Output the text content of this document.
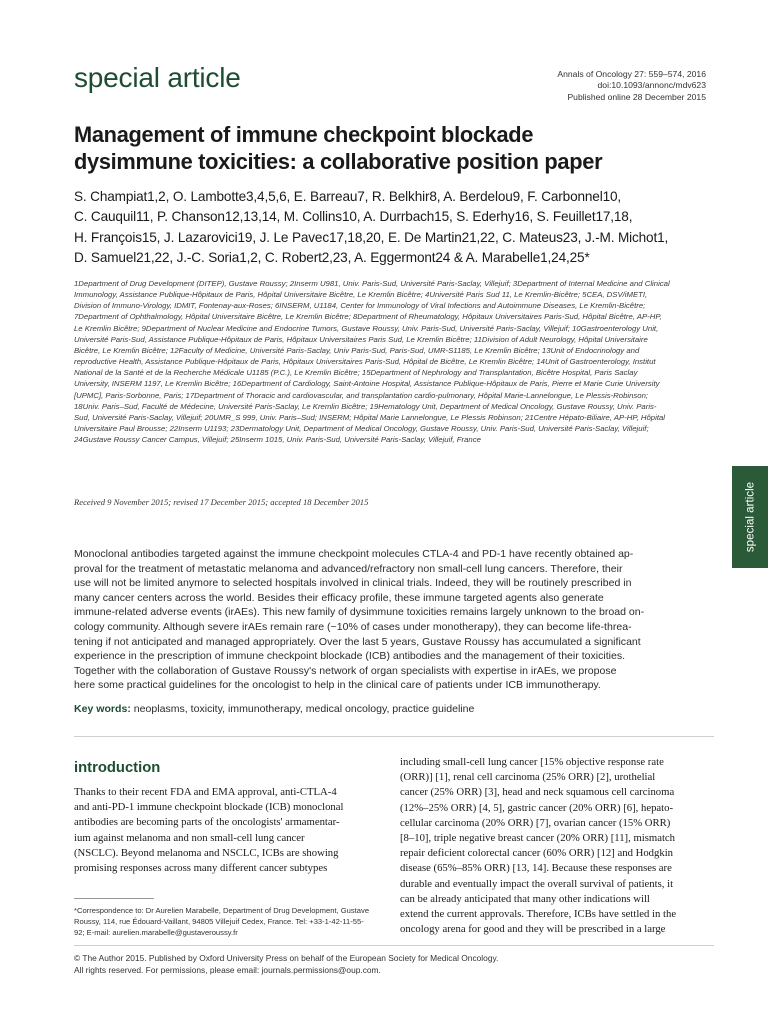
special article	Annals of Oncology 27: 559–574, 2016
doi:10.1093/annonc/mdv623
Published online 28 December 2015
Management of immune checkpoint blockade
dysimmune toxicities: a collaborative position paper
S. Champiat1,2, O. Lambotte3,4,5,6, E. Barreau7, R. Belkhir8, A. Berdelou9, F. Carbonnel10,
C. Cauquil11, P. Chanson12,13,14, M. Collins10, A. Durrbach15, S. Ederhy16, S. Feuillet17,18,
H. François15, J. Lazarovici19, J. Le Pavec17,18,20, E. De Martin21,22, C. Mateus23, J.-M. Michot1,
D. Samuel21,22, J.-C. Soria1,2, C. Robert2,23, A. Eggermont24 & A. Marabelle1,24,25*
1Department of Drug Development (DITEP), Gustave Roussy; 2Inserm U981, Univ. Paris-Sud, Université Paris-Saclay, Villejuif; 3Department of Internal Medicine and Clinical
Immunology, Assistance Publique-Hôpitaux de Paris, Hôpital Universitaire Bicêtre, Le Kremlin Bicêtre; 4Université Paris Sud 11, Le Kremlin-Bicêtre; 5CEA, DSV/iMETI,
Division of Immuno-Virology, IDMIT, Fontenay-aux-Roses; 6INSERM, U1184, Center for Immunology of Viral Infections and Autoimmune Diseases, Le Kremlin-Bicêtre;
7Department of Ophthalmology, Hôpital Universitaire Bicêtre, Le Kremlin Bicêtre; 8Department of Rheumatology, Hôpitaux Universitaires Paris-Sud, Hôpital Bicêtre, AP-HP,
Le Kremlin Bicêtre; 9Department of Nuclear Medicine and Endocrine Tumors, Gustave Roussy, Univ. Paris-Sud, Université Paris-Saclay, Villejuif; 10Gastroenterology Unit,
Université Paris-Sud, Assistance Publique-Hôpitaux de Paris, Hôpitaux Universitaires Paris Sud, Le Kremlin Bicêtre; 11Division of Adult Neurology, Hôpital Universitaire
Bicêtre, Le Kremlin Bicêtre; 12Faculty of Medicine, Université Paris-Saclay, Univ Paris-Sud, Paris-Sud, UMR-S1185, Le Kremlin Bicêtre; 13Unit of Endocrinology and
reproductive Health, Assistance Publique-Hôpitaux de Paris, Hôpitaux Universitaires Paris-Sud, Hôpital de Bicêtre, Le Kremlin Bicêtre; 14Unit of Gastroenterology, Institut
National de la Santé et de la Recherche Médicale U1185 (P.C.), Le Kremlin Bicêtre; 15Department of Nephrology and Transplantation, Bicêtre Hospital, Paris Saclay
University, INSERM 1197, Le Kremlin Bicêtre; 16Department of Cardiology, Saint-Antoine Hospital, Assistance Publique-Hôpitaux de Paris, Pierre et Marie Curie University
[UPMC], Paris-Sorbonne, Paris; 17Department of Thoracic and cardiovascular, and transplantation cardio-pulmonary, Hôpital Marie-Lannelongue, Le Plessis-Robinson;
18Univ. Paris–Sud, Faculté de Médecine, Université Paris-Saclay, Le Kremlin Bicêtre; 19Hematology Unit, Department of Medical Oncology, Gustave Roussy, Univ. Paris-
Sud, Université Paris-Saclay, Villejuif; 20UMR_S 999, Univ. Paris–Sud; INSERM; Hôpital Marie Lannelongue, Le Plessis Robinson; 21Centre Hépato-Biliaire, AP-HP, Hôpital
Universitaire Paul Brousse; 22Inserm U1193; 23Dermatology Unit, Department of Medical Oncology, Gustave Roussy, Univ. Paris-Sud, Université Paris-Saclay, Villejuif;
24Gustave Roussy Cancer Campus, Villejuif; 25Inserm 1015, Univ. Paris-Sud, Université Paris-Saclay, Villejuif, France
Received 9 November 2015; revised 17 December 2015; accepted 18 December 2015	special article
Monoclonal antibodies targeted against the immune checkpoint molecules CTLA-4 and PD-1 have recently obtained ap-
proval for the treatment of metastatic melanoma and advanced/refractory non small-cell lung cancers. Therefore, their
use will not be limited anymore to selected hospitals involved in clinical trials. Indeed, they will be routinely prescribed in
many cancer centers across the world. Besides their efficacy profile, these immune targeted agents also generate
immune-related adverse events (irAEs). This new family of dysimmune toxicities remains largely unknown to the broad on-
cology community. Although severe irAEs remain rare (~10% of cases under monotherapy), they can become life-threa-
tening if not anticipated and managed appropriately. Over the last 5 years, Gustave Roussy has accumulated a significant
experience in the prescription of immune checkpoint blockade (ICB) antibodies and the management of their toxicities.
Together with the collaboration of Gustave Roussy's network of organ specialists with expertise in irAEs, we propose
here some practical guidelines for the oncologist to help in the clinical care of patients under ICB immunotherapy.
Key words: neoplasms, toxicity, immunotherapy, medical oncology, practice guideline
introduction
Thanks to their recent FDA and EMA approval, anti-CTLA-4
and anti-PD-1 immune checkpoint blockade (ICB) monoclonal
antibodies are becoming parts of the oncologists' armamentar-
ium against melanoma and non small-cell lung cancer
(NSCLC). Beyond melanoma and NSCLC, ICBs are showing
promising responses across many different cancer subtypes
including small-cell lung cancer [15% objective response rate
(ORR)] [1], renal cell carcinoma (25% ORR) [2], urothelial
cancer (25% ORR) [3], head and neck squamous cell carcinoma
(12%–25% ORR) [4, 5], gastric cancer (20% ORR) [6], hepato-
cellular carcinoma (20% ORR) [7], ovarian cancer (15% ORR)
[8–10], triple negative breast cancer (20% ORR) [11], mismatch
repair deficient colorectal cancer (60% ORR) [12] and Hodgkin
disease (65%–85% ORR) [13, 14]. Because these responses are
durable and eventually impact the overall survival of patients, it
can be already anticipated that many other indications will
extend the current approvals. Therefore, ICBs have settled in the
oncology arena for good and they will be prescribed in a large
*Correspondence to: Dr Aurelien Marabelle, Department of Drug Development, Gustave
Roussy, 114, rue Édouard-Vaillant, 94805 Villejuif Cedex, France. Tel: +33-1-42-11-55-
92; E-mail: aurelien.marabelle@gustaveroussy.fr
© The Author 2015. Published by Oxford University Press on behalf of the European Society for Medical Oncology.
All rights reserved. For permissions, please email: journals.permissions@oup.com.
